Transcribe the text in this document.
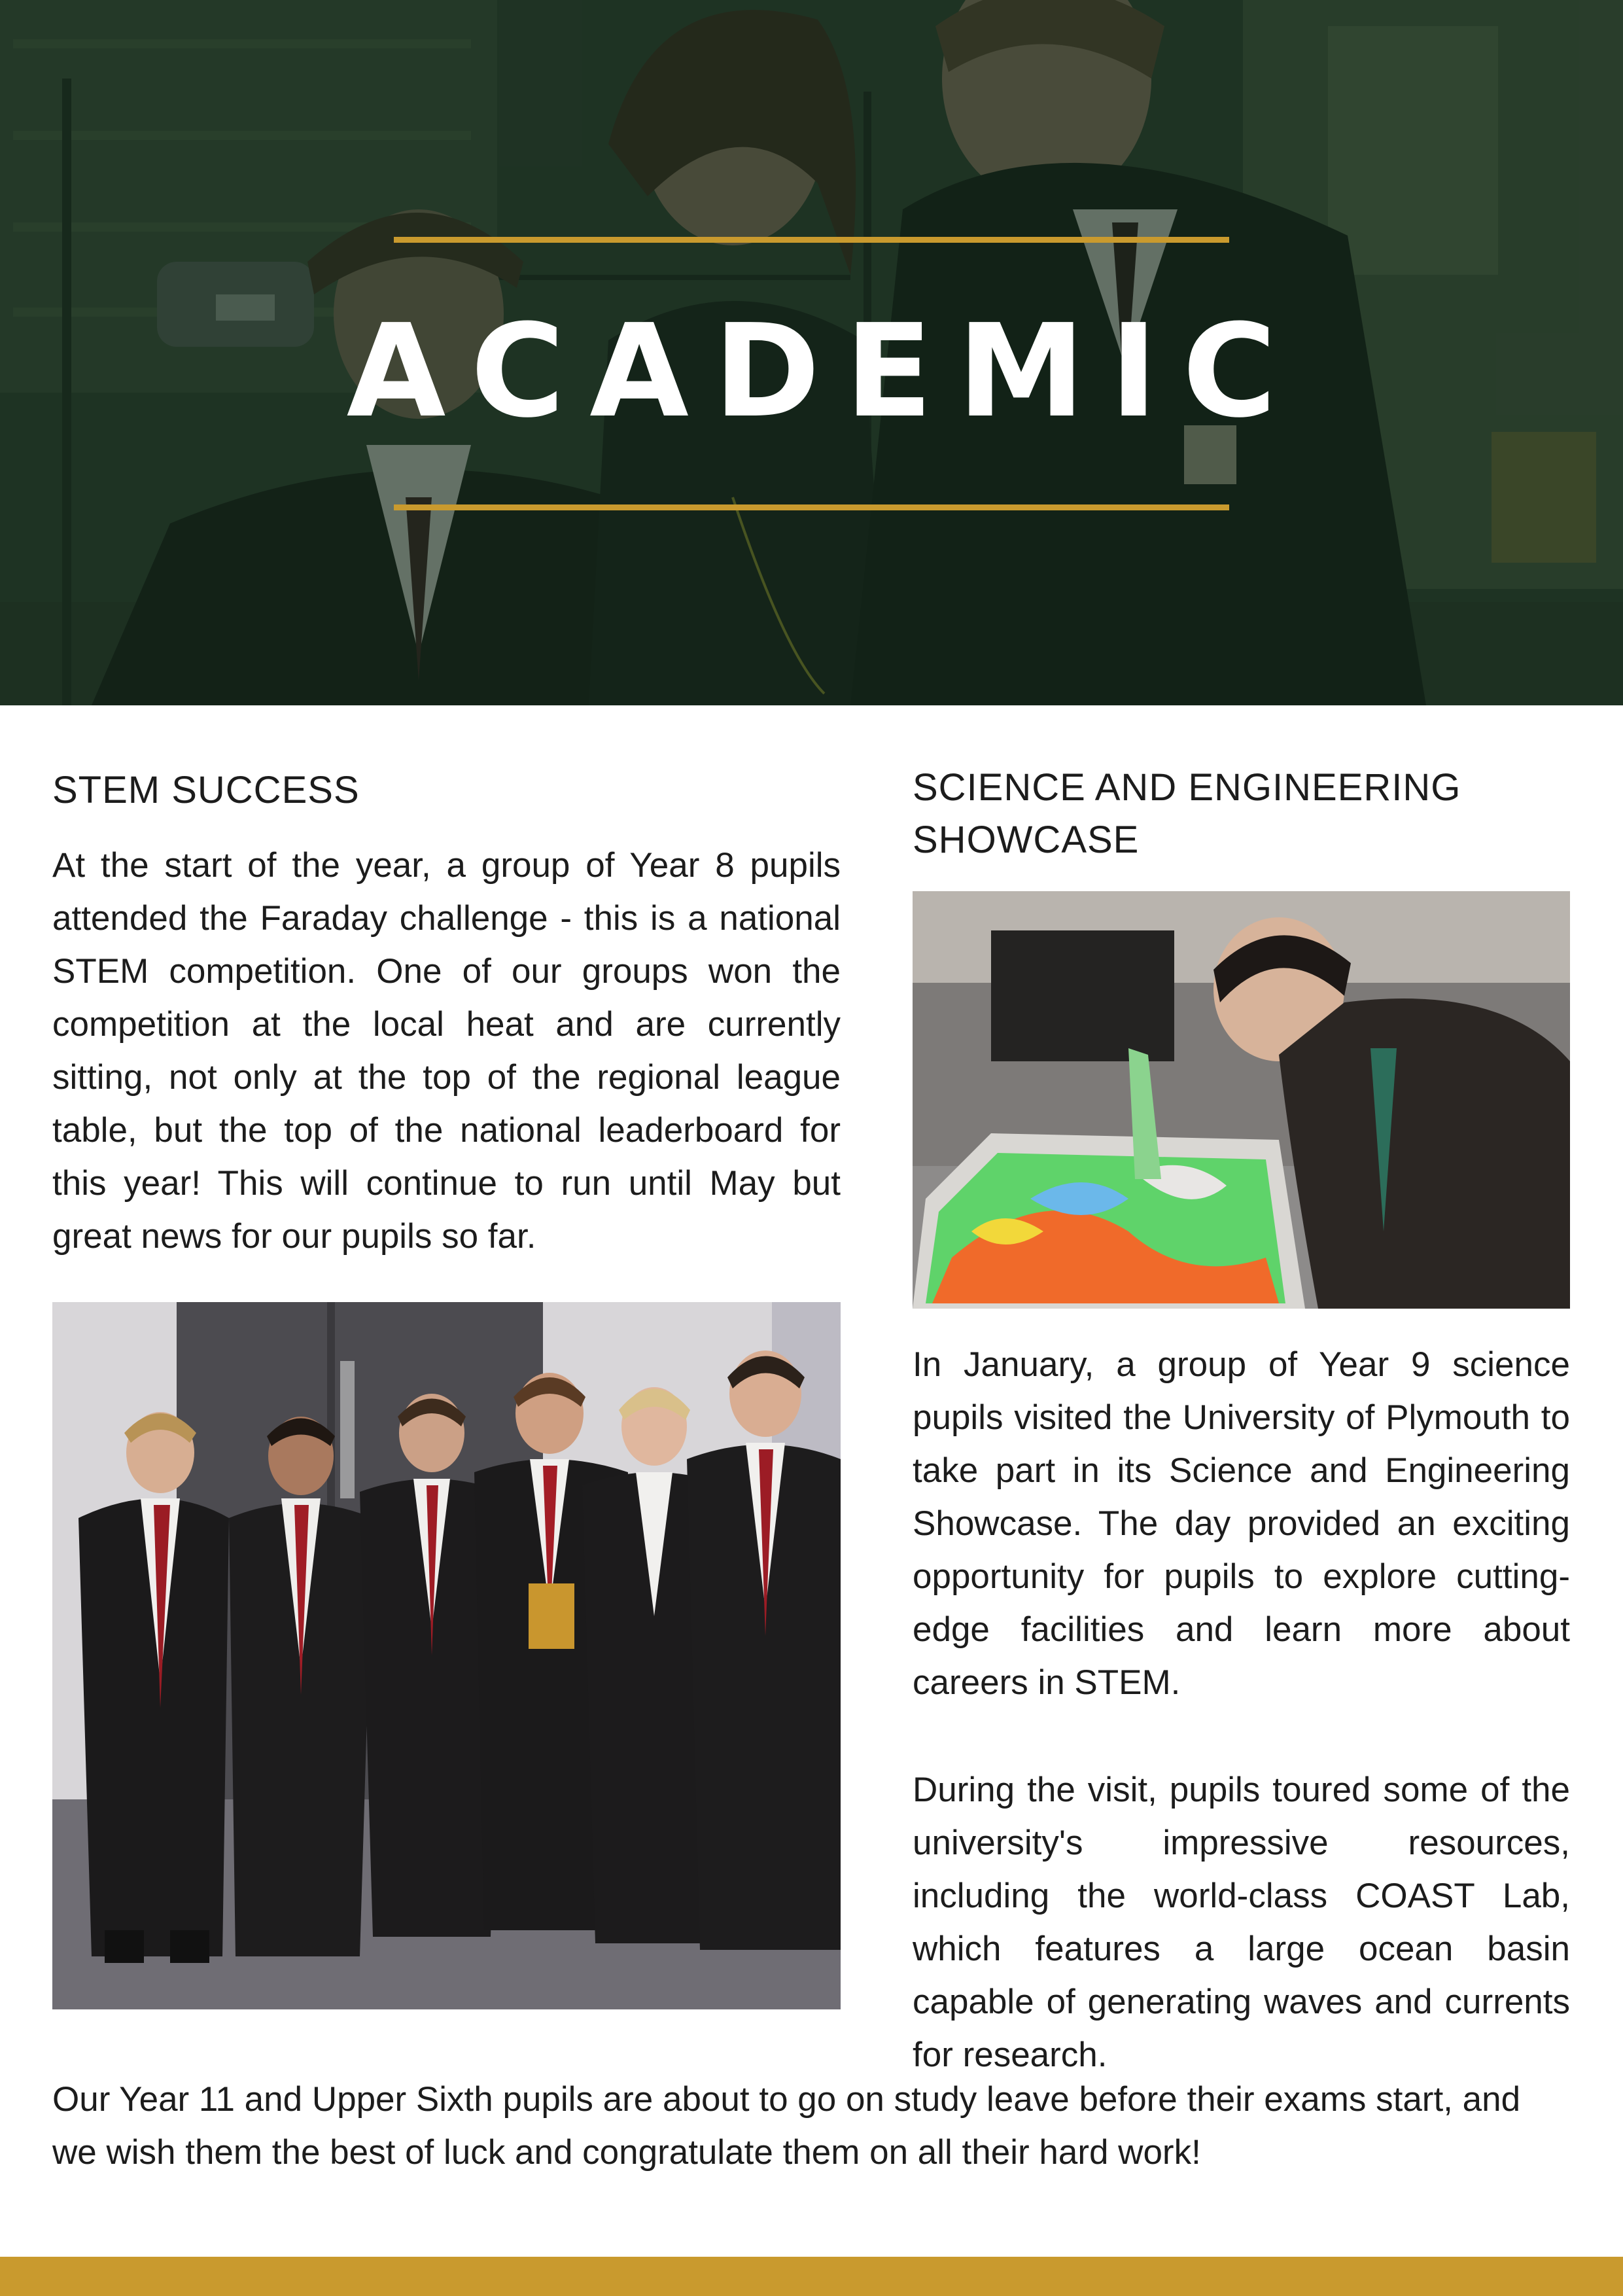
ACADEMIC
STEM SUCCESS

At the start of the year, a group of Year 8 pupils attended the Faraday challenge - this is a national STEM competition. One of our groups won the competition at the local heat and are currently sitting, not only at the top of the regional league table, but the top of the national leaderboard for this year! This will continue to run until May but great news for our pupils so far.

SCIENCE AND ENGINEERING
SHOWCASE

In January, a group of Year 9 science pupils visited the University of Plymouth to take part in its Science and Engineering Showcase. The day provided an exciting opportunity for pupils to explore cutting-edge facilities and learn more about careers in STEM.

During the visit, pupils toured some of the university's impressive resources, including the world-class COAST Lab, which features a large ocean basin capable of generating waves and currents for research.

Our Year 11 and Upper Sixth pupils are about to go on study leave before their exams start, and we wish them the best of luck and congratulate them on all their hard work!
